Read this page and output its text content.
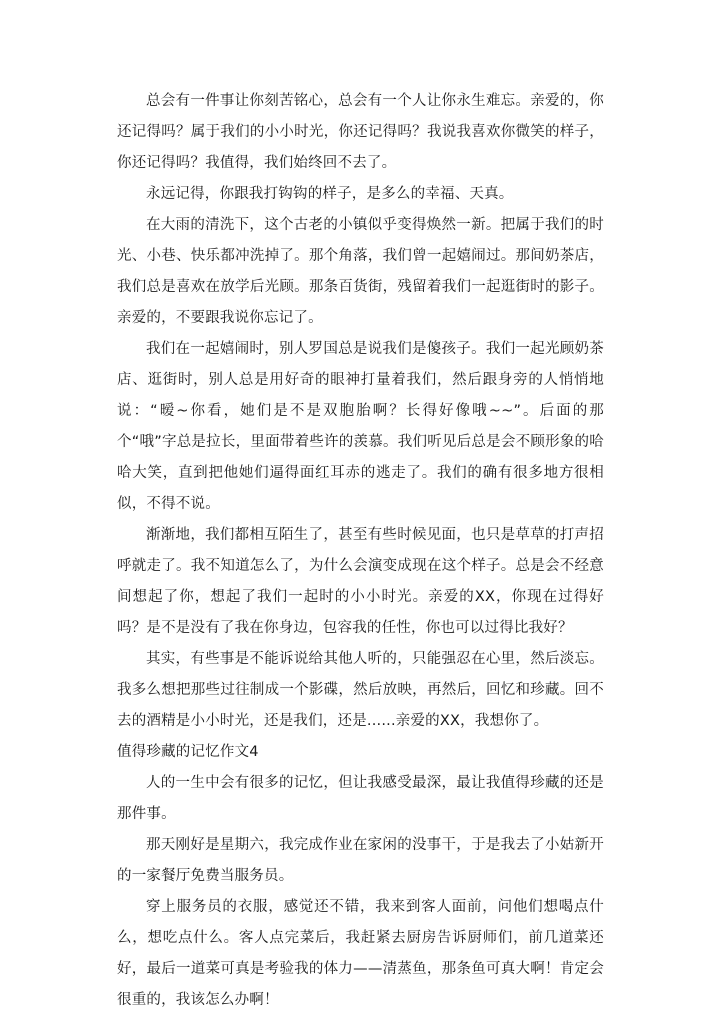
总会有一件事让你刻苦铭心，总会有一个人让你永生难忘。亲爱的，你还记得吗？属于我们的小小时光，你还记得吗？我说我喜欢你微笑的样子，你还记得吗？我值得，我们始终回不去了。

永远记得，你跟我打钩钩的样子，是多么的幸福、天真。

在大雨的清洗下，这个古老的小镇似乎变得焕然一新。把属于我们的时光、小巷、快乐都冲洗掉了。那个角落，我们曾一起嬉闹过。那间奶茶店，我们总是喜欢在放学后光顾。那条百货街，残留着我们一起逛街时的影子。亲爱的，不要跟我说你忘记了。

我们在一起嬉闹时，别人罗国总是说我们是傻孩子。我们一起光顾奶茶店、逛街时，别人总是用好奇的眼神打量着我们，然后跟身旁的人悄悄地说：“暧~你看，她们是不是双胞胎啊？长得好像哦~~”。后面的那个“哦”字总是拉长，里面带着些许的羡慕。我们听见后总是会不顾形象的哈哈大笑，直到把他她们逼得面红耳赤的逃走了。我们的确有很多地方很相似，不得不说。

渐渐地，我们都相互陌生了，甚至有些时候见面，也只是草草的打声招呼就走了。我不知道怎么了，为什么会演变成现在这个样子。总是会不经意间想起了你，想起了我们一起时的小小时光。亲爱的XX，你现在过得好吗？是不是没有了我在你身边，包容我的任性，你也可以过得比我好？

其实，有些事是不能诉说给其他人听的，只能强忍在心里，然后淡忘。我多么想把那些过往制成一个影碟，然后放映，再然后，回忆和珍藏。回不去的酒精是小小时光，还是我们，还是......亲爱的XX，我想你了。

值得珍藏的记忆作文4

人的一生中会有很多的记忆，但让我感受最深，最让我值得珍藏的还是那件事。

那天刚好是星期六，我完成作业在家闲的没事干，于是我去了小姑新开的一家餐厅免费当服务员。

穿上服务员的衣服，感觉还不错，我来到客人面前，问他们想喝点什么，想吃点什么。客人点完菜后，我赶紧去厨房告诉厨师们，前几道菜还好，最后一道菜可真是考验我的体力——清蒸鱼，那条鱼可真大啊！肯定会很重的，我该怎么办啊！
